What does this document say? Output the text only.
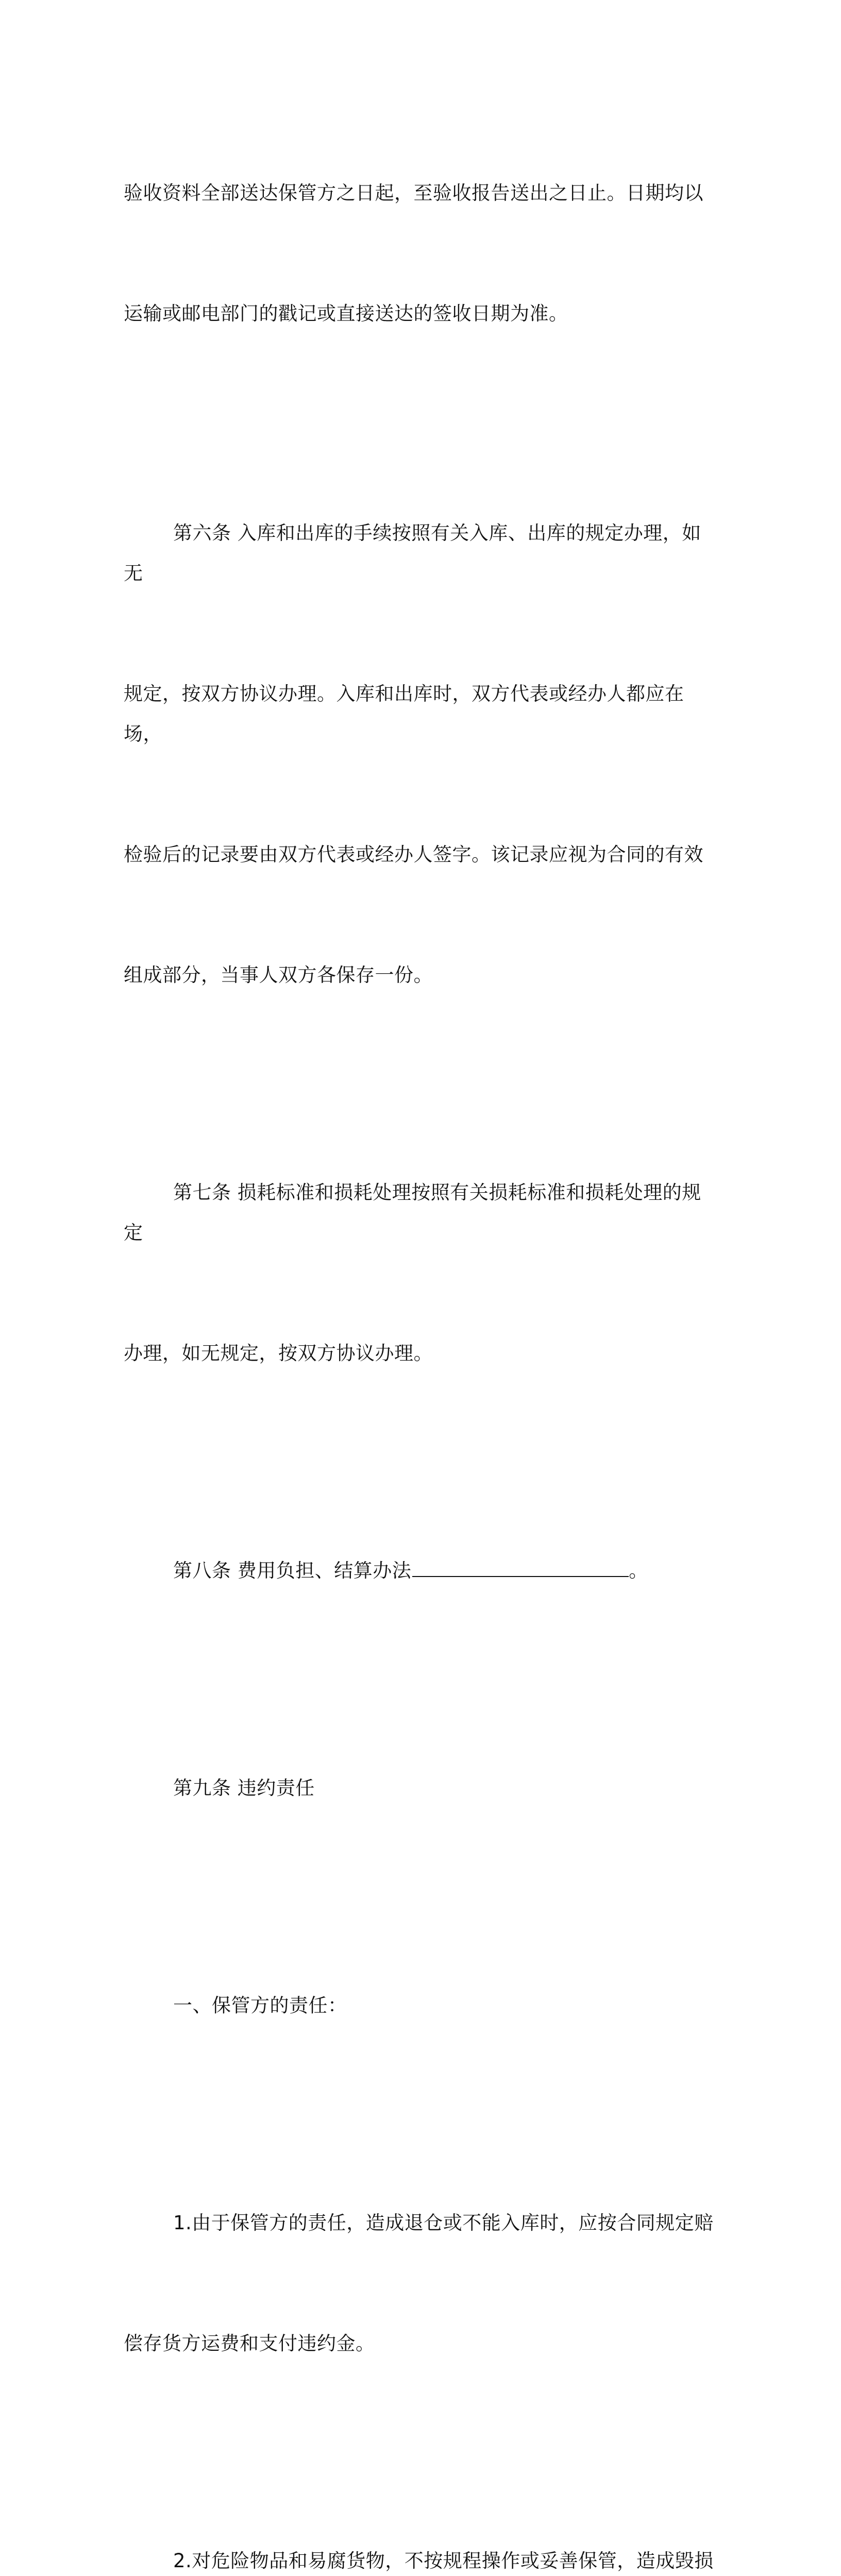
验收资料全部送达保管方之日起，至验收报告送出之日止。日期均以

运输或邮电部门的戳记或直接送达的签收日期为准。

第六条 入库和出库的手续按照有关入库、出库的规定办理，如无

规定，按双方协议办理。入库和出库时，双方代表或经办人都应在场，

检验后的记录要由双方代表或经办人签字。该记录应视为合同的有效

组成部分，当事人双方各保存一份。

第七条 损耗标准和损耗处理按照有关损耗标准和损耗处理的规定

办理，如无规定，按双方协议办理。

第八条 费用负担、结算办法	。

第九条 违约责任

一、保管方的责任：

1.由于保管方的责任，造成退仓或不能入库时，应按合同规定赔

偿存货方运费和支付违约金。

2.对危险物品和易腐货物，不按规程操作或妥善保管，造成毁损
